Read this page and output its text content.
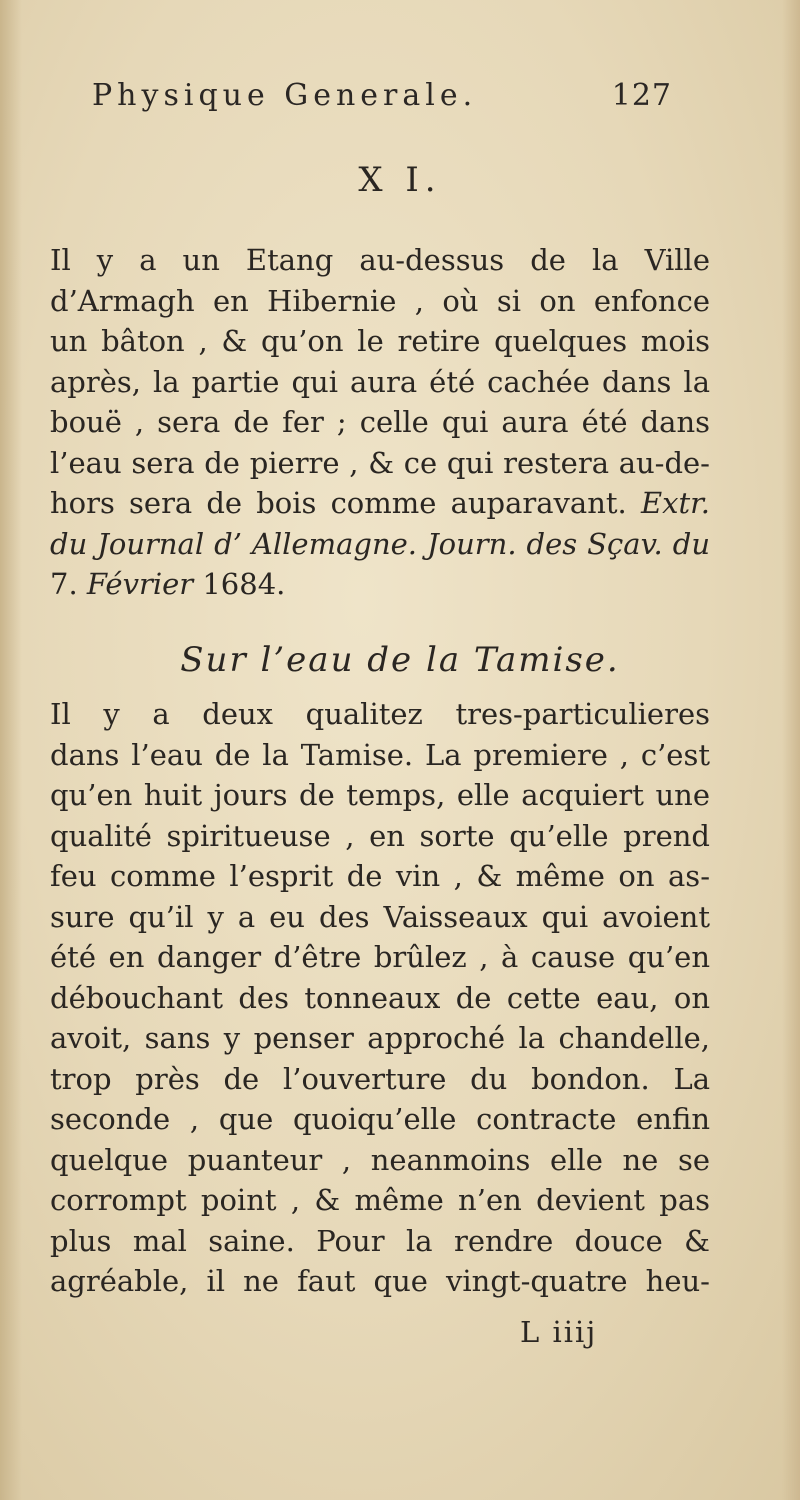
Physique Generale.	127
X I.
Il y a un Etang au-dessus de la Ville
d’Armagh en Hibernie , où si on enfonce
un bâton , & qu’on le retire quelques mois
après, la partie qui aura été cachée dans la
bouë , sera de fer ; celle qui aura été dans
l’eau sera de pierre , & ce qui restera au-de-
hors sera de bois comme auparavant. Extr.
du Journal d’ Allemagne. Journ. des Sçav. du
7. Février 1684.
Sur l’eau de la Tamise.
Il y a deux qualitez tres-particulieres
dans l’eau de la Tamise. La premiere , c’est
qu’en huit jours de temps, elle acquiert une
qualité spiritueuse , en sorte qu’elle prend
feu comme l’esprit de vin , & même on as-
sure qu’il y a eu des Vaisseaux qui avoient
été en danger d’être brûlez , à cause qu’en
débouchant des tonneaux de cette eau, on
avoit, sans y penser approché la chandelle,
trop près de l’ouverture du bondon. La
seconde , que quoiqu’elle contracte enfin
quelque puanteur , neanmoins elle ne se
corrompt point , & même n’en devient pas
plus mal saine. Pour la rendre douce &
agréable, il ne faut que vingt-quatre heu-
L iiij
